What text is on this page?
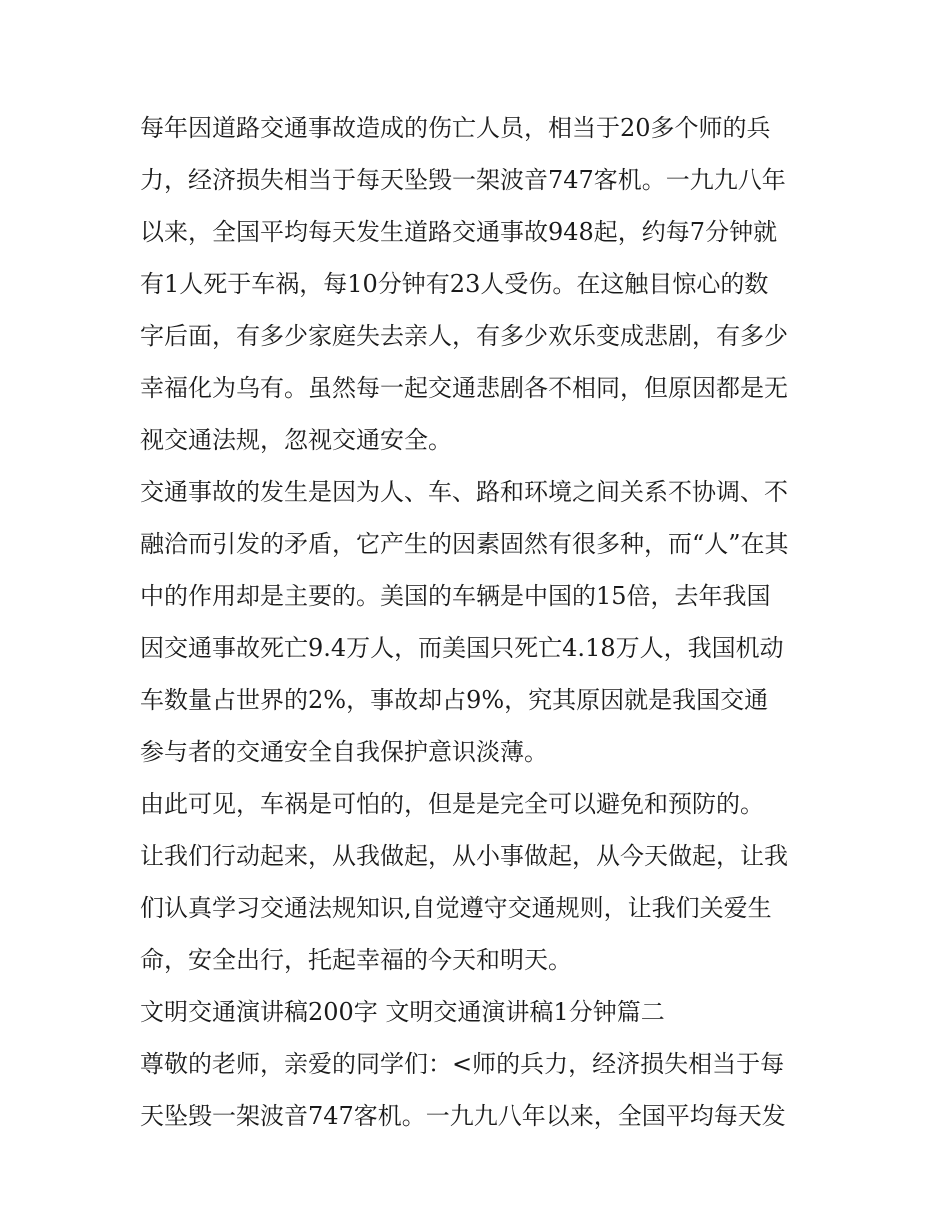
每年因道路交通事故造成的伤亡人员，相当于20多个师的兵
力，经济损失相当于每天坠毁一架波音747客机。一九九八年
以来，全国平均每天发生道路交通事故948起，约每7分钟就
有1人死于车祸，每10分钟有23人受伤。在这触目惊心的数
字后面，有多少家庭失去亲人，有多少欢乐变成悲剧，有多少
幸福化为乌有。虽然每一起交通悲剧各不相同，但原因都是无
视交通法规，忽视交通安全。
交通事故的发生是因为人、车、路和环境之间关系不协调、不
融洽而引发的矛盾，它产生的因素固然有很多种，而“人”在其
中的作用却是主要的。美国的车辆是中国的15倍，去年我国
因交通事故死亡9.4万人，而美国只死亡4.18万人，我国机动
车数量占世界的2%，事故却占9%，究其原因就是我国交通
参与者的交通安全自我保护意识淡薄。
由此可见，车祸是可怕的，但是是完全可以避免和预防的。
让我们行动起来，从我做起，从小事做起，从今天做起，让我
们认真学习交通法规知识,自觉遵守交通规则，让我们关爱生
命，安全出行，托起幸福的今天和明天。
文明交通演讲稿200字 文明交通演讲稿1分钟篇二
尊敬的老师，亲爱的同学们：<师的兵力，经济损失相当于每
天坠毁一架波音747客机。一九九八年以来，全国平均每天发
